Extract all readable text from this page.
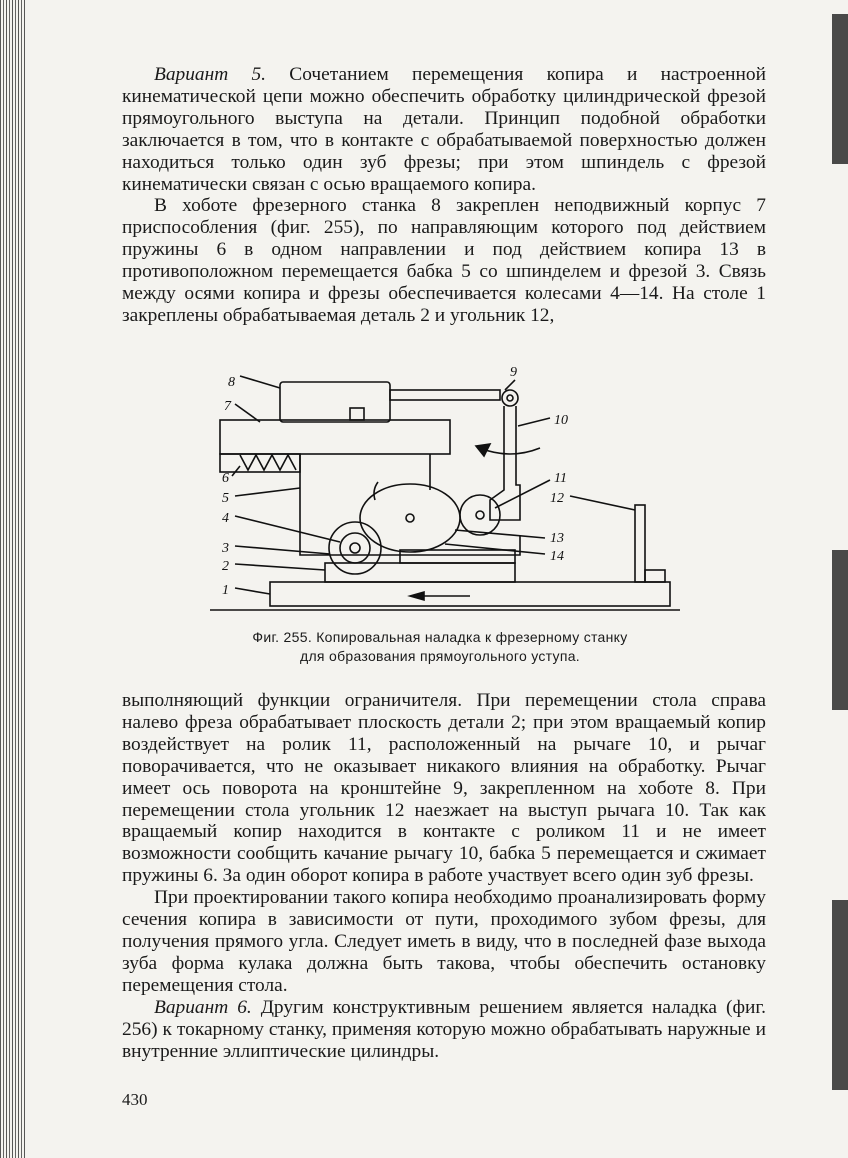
Вариант 5. Сочетанием перемещения копира и настроенной кинематической цепи можно обеспечить обработку цилиндрической фрезой прямоугольного выступа на детали. Принцип подобной обработки заключается в том, что в контакте с обрабатываемой поверхностью должен находиться только один зуб фрезы; при этом шпиндель с фрезой кинематически связан с осью вращаемого копира.

В хоботе фрезерного станка 8 закреплен неподвижный корпус 7 приспособления (фиг. 255), по направляющим которого под действием пружины 6 в одном направлении и под действием копира 13 в противоположном перемещается бабка 5 со шпинделем и фрезой 3. Связь между осями копира и фрезы обеспечивается колесами 4—14. На столе 1 закреплены обрабатываемая деталь 2 и угольник 12,

8
7
6
5
4
3
2
1
9
10
11
12
13
14
Фиг. 255. Копировальная наладка к фрезерному станку
для образования прямоугольного уступа.

выполняющий функции ограничителя. При перемещении стола справа налево фреза обрабатывает плоскость детали 2; при этом вращаемый копир воздействует на ролик 11, расположенный на рычаге 10, и рычаг поворачивается, что не оказывает никакого влияния на обработку. Рычаг имеет ось поворота на кронштейне 9, закрепленном на хоботе 8. При перемещении стола угольник 12 наезжает на выступ рычага 10. Так как вращаемый копир находится в контакте с роликом 11 и не имеет возможности сообщить качание рычагу 10, бабка 5 перемещается и сжимает пружины 6. За один оборот копира в работе участвует всего один зуб фрезы.

При проектировании такого копира необходимо проанализировать форму сечения копира в зависимости от пути, проходимого зубом фрезы, для получения прямого угла. Следует иметь в виду, что в последней фазе выхода зуба форма кулака должна быть такова, чтобы обеспечить остановку перемещения стола.

Вариант 6. Другим конструктивным решением является наладка (фиг. 256) к токарному станку, применяя которую можно обрабатывать наружные и внутренние эллиптические цилиндры.

430
